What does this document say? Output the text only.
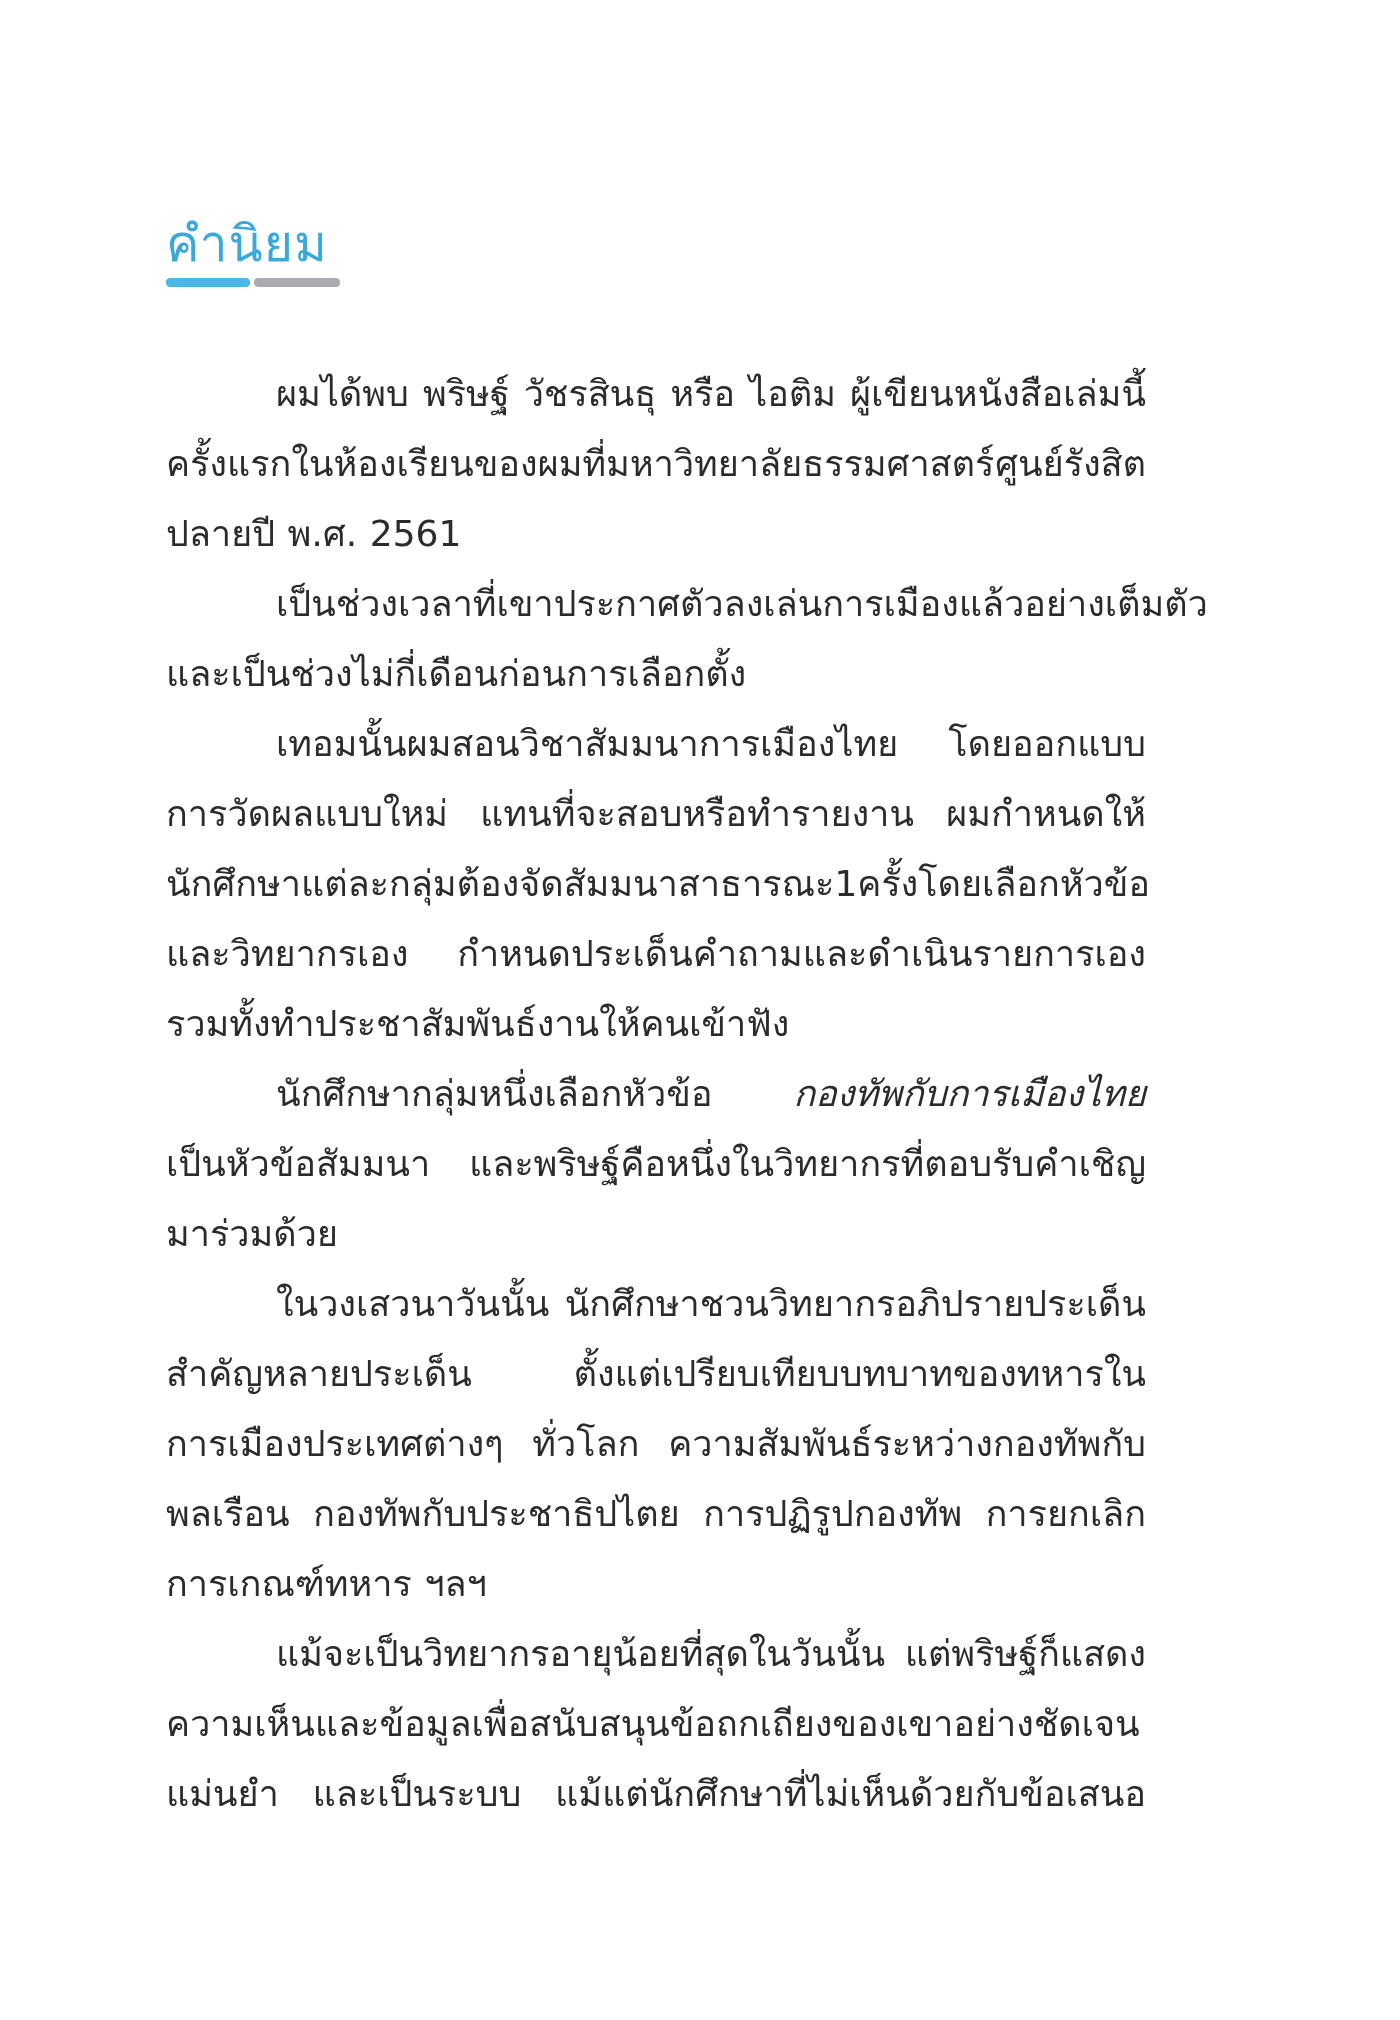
คำนิยม
ผมได้พบ พริษฐ์ วัชรสินธุ หรือ ไอติม ผู้เขียนหนังสือเล่มนี้
ครั้งแรกในห้องเรียนของผมที่มหาวิทยาลัยธรรมศาสตร์ ศูนย์รังสิต
ปลายปี พ.ศ. 2561
เป็นช่วงเวลาที่เขาประกาศตัวลงเล่นการเมืองแล้วอย่างเต็มตัว
และเป็นช่วงไม่กี่เดือนก่อนการเลือกตั้ง
เทอมนั้นผมสอนวิชาสัมมนาการเมืองไทย โดยออกแบบ
การวัดผลแบบใหม่ แทนที่จะสอบหรือทำรายงาน ผมกำหนดให้
นักศึกษาแต่ละกลุ่มต้องจัดสัมมนาสาธารณะ 1 ครั้ง โดยเลือกหัวข้อ
และวิทยากรเอง กำหนดประเด็นคำถามและดำเนินรายการเอง
รวมทั้งทำประชาสัมพันธ์งานให้คนเข้าฟัง
นักศึกษากลุ่มหนึ่งเลือกหัวข้อ กองทัพกับการเมืองไทย
เป็นหัวข้อสัมมนา และพริษฐ์คือหนึ่งในวิทยากรที่ตอบรับคำเชิญ
มาร่วมด้วย
ในวงเสวนาวันนั้น นักศึกษาชวนวิทยากรอภิปรายประเด็น
สำคัญหลายประเด็น	ตั้งแต่เปรียบเทียบบทบาทของทหารใน
การเมืองประเทศต่างๆ ทั่วโลก ความสัมพันธ์ระหว่างกองทัพกับ
พลเรือน กองทัพกับประชาธิปไตย การปฏิรูปกองทัพ การยกเลิก
การเกณฑ์ทหาร ฯลฯ
แม้จะเป็นวิทยากรอายุน้อยที่สุดในวันนั้น แต่พริษฐ์ก็แสดง
ความเห็นและข้อมูลเพื่อสนับสนุนข้อถกเถียงของเขาอย่างชัดเจน
แม่นยำ และเป็นระบบ แม้แต่นักศึกษาที่ไม่เห็นด้วยกับข้อเสนอ
